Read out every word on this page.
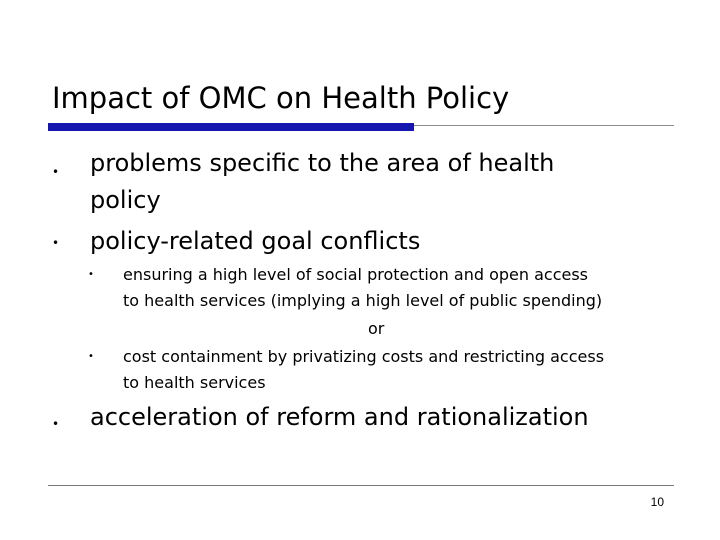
Impact of OMC on Health Policy
• problems specific to the area of health
policy
• policy-related goal conflicts
• ensuring a high level of social protection and open access
to health services (implying a high level of public spending)
or
• cost containment by privatizing costs and restricting access
to health services
• acceleration of reform and rationalization
10
